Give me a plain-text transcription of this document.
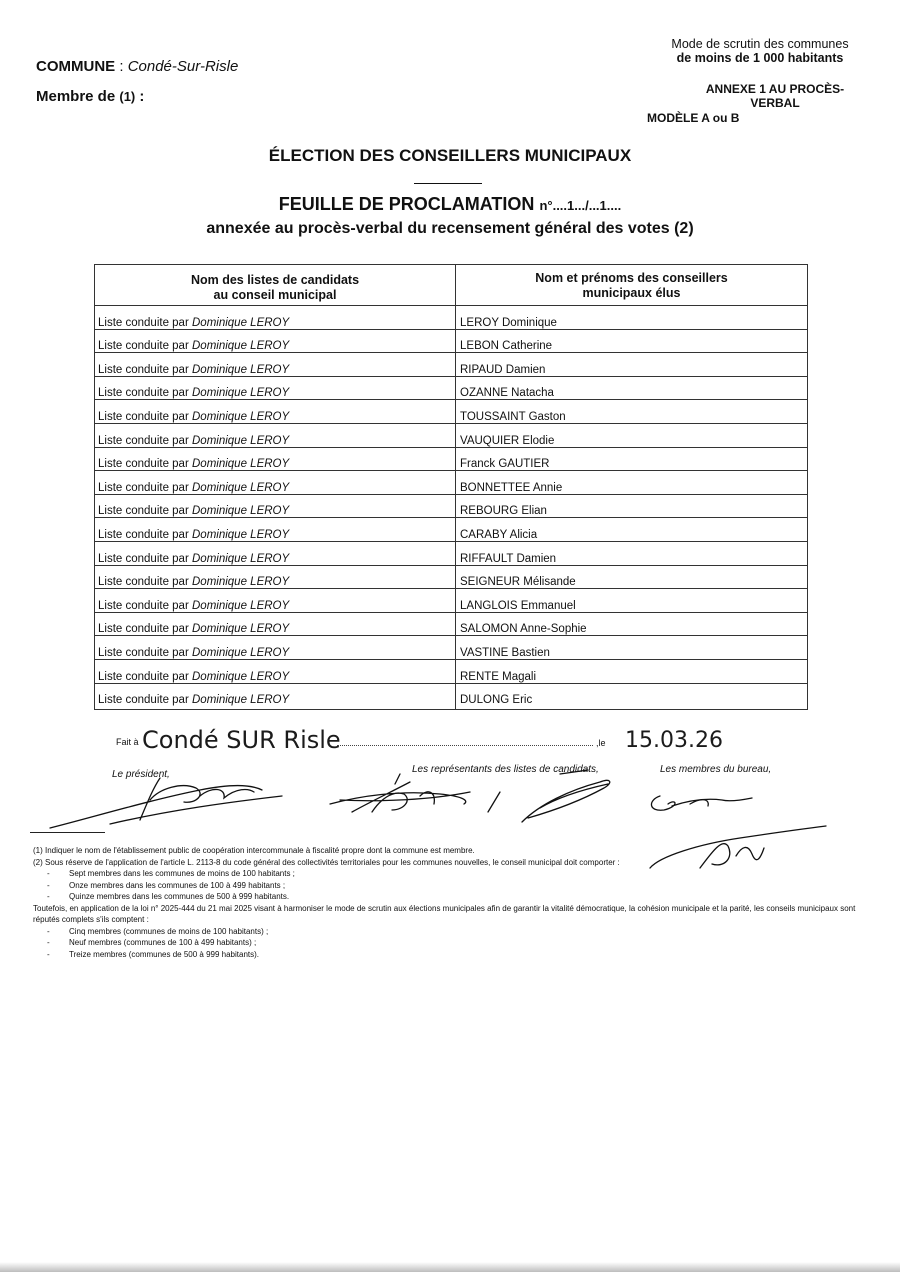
COMMUNE : Condé-Sur-Risle
Membre de (1) :
Mode de scrutin des communes
de moins de 1 000 habitants
ANNEXE 1 AU PROCÈS-
VERBAL
MODÈLE A ou B
ÉLECTION DES CONSEILLERS MUNICIPAUX
FEUILLE DE PROCLAMATION n°....1.../...1....
annexée au procès-verbal du recensement général des votes (2)
Nom des listes de candidats
au conseil municipal
Nom et prénoms des conseillers
municipaux élus
Liste conduite par Dominique LEROY	LEROY Dominique
Liste conduite par Dominique LEROY	LEBON Catherine
Liste conduite par Dominique LEROY	RIPAUD Damien
Liste conduite par Dominique LEROY	OZANNE Natacha
Liste conduite par Dominique LEROY	TOUSSAINT Gaston
Liste conduite par Dominique LEROY	VAUQUIER Elodie
Liste conduite par Dominique LEROY	Franck GAUTIER
Liste conduite par Dominique LEROY	BONNETTEE Annie
Liste conduite par Dominique LEROY	REBOURG Elian
Liste conduite par Dominique LEROY	CARABY Alicia
Liste conduite par Dominique LEROY	RIFFAULT Damien
Liste conduite par Dominique LEROY	SEIGNEUR Mélisande
Liste conduite par Dominique LEROY	LANGLOIS Emmanuel
Liste conduite par Dominique LEROY	SALOMON Anne-Sophie
Liste conduite par Dominique LEROY	VASTINE Bastien
Liste conduite par Dominique LEROY	RENTE Magali
Liste conduite par Dominique LEROY	DULONG Eric
Fait à Condé SUR Risle	,le 15.03.26
Le président,	Les représentants des listes de candidats,	Les membres du bureau,

(1) Indiquer le nom de l'établissement public de coopération intercommunale à fiscalité propre dont la commune est membre.

(2) Sous réserve de l'application de l'article L. 2113-8 du code général des collectivités territoriales pour les communes nouvelles, le conseil municipal doit comporter :

- Sept membres dans les communes de moins de 100 habitants ;

- Onze membres dans les communes de 100 à 499 habitants ;

- Quinze membres dans les communes de 500 à 999 habitants.

Toutefois, en application de la loi n° 2025-444 du 21 mai 2025 visant à harmoniser le mode de scrutin aux élections municipales afin de garantir la vitalité démocratique, la cohésion municipale et la parité, les conseils municipaux sont réputés complets s'ils comptent :

- Cinq membres (communes de moins de 100 habitants) ;

- Neuf membres (communes de 100 à 499 habitants) ;

- Treize membres (communes de 500 à 999 habitants).
